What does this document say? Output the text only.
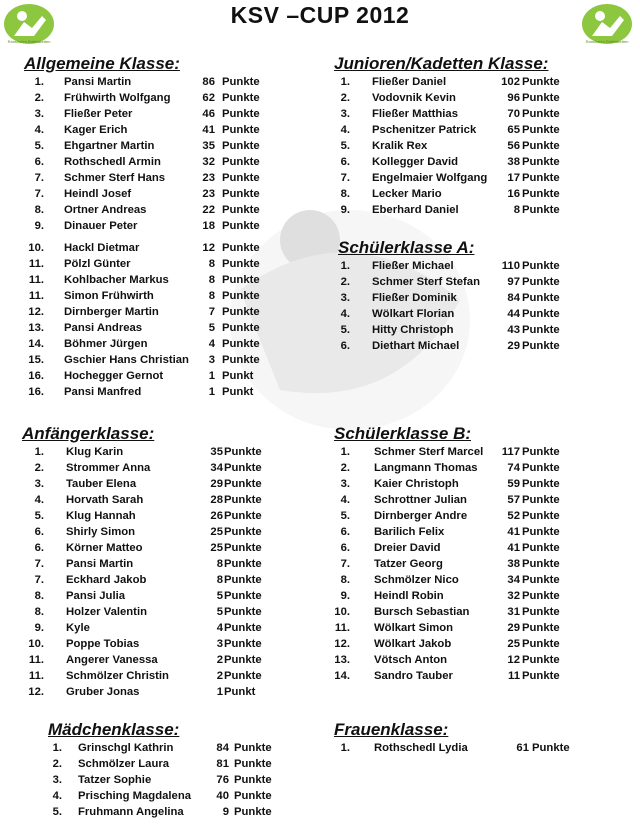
Ranshofen Raffelstetten	Ranshofen Raffelstetten
KSV –CUP 2012
Allgemeine Klasse:
1. Pansi Martin	86 Punkte
2. Frühwirth Wolfgang	62 Punkte
3. Fließer Peter	46 Punkte
4. Kager Erich	41 Punkte
5. Ehgartner Martin	35 Punkte
6. Rothschedl Armin	32 Punkte
7. Schmer Sterf Hans	23 Punkte
7. Heindl Josef	23 Punkte
8. Ortner Andreas	22 Punkte
9. Dinauer Peter	18 Punkte
10. Hackl Dietmar	12 Punkte
11. Pölzl Günter	8 Punkte
11. Kohlbacher Markus	8 Punkte
11. Simon Frühwirth	8 Punkte
12. Dirnberger Martin	7 Punkte
13. Pansi Andreas	5 Punkte
14. Böhmer Jürgen	4 Punkte
15. Gschier Hans Christian 3 Punkte
16. Hochegger Gernot	1 Punkt
16. Pansi Manfred	1 Punkt
Junioren/Kadetten Klasse:
1. Fließer Daniel	102 Punkte
2. Vodovnik Kevin	96 Punkte
3. Fließer Matthias	70 Punkte
4. Pschenitzer Patrick	65 Punkte
5. Kralik Rex	56 Punkte
6. Kollegger David	38 Punkte
7. Engelmaier Wolfgang 17 Punkte
8. Lecker Mario	16 Punkte
9. Eberhard Daniel	8 Punkte
Schülerklasse A:
1. Fließer Michael	110 Punkte
2. Schmer Sterf Stefan 97 Punkte
3. Fließer Dominik	84 Punkte
4. Wölkart Florian	44 Punkte
5. Hitty Christoph	43 Punkte
6. Diethart Michael	29 Punkte
Anfängerklasse:
1. Klug Karin	35 Punkte
2. Strommer Anna	34 Punkte
3. Tauber Elena	29 Punkte
4. Horvath Sarah	28 Punkte
5. Klug Hannah	26 Punkte
6. Shirly Simon	25 Punkte
6. Körner Matteo	25 Punkte
7. Pansi Martin	8 Punkte
7. Eckhard Jakob	8 Punkte
8. Pansi Julia	5 Punkte
8. Holzer Valentin	5 Punkte
9. Kyle	4 Punkte
10. Poppe Tobias	3 Punkte
11. Angerer Vanessa	2 Punkte
11. Schmölzer Christin	2 Punkte
12. Gruber Jonas	1 Punkt
Schülerklasse B:
1. Schmer Sterf Marcel 117 Punkte
2. Langmann Thomas	74 Punkte
3. Kaier Christoph	59 Punkte
4. Schrottner Julian	57 Punkte
5. Dirnberger Andre	52 Punkte
6. Barilich Felix	41 Punkte
6. Dreier David	41 Punkte
7. Tatzer Georg	38 Punkte
8. Schmölzer Nico	34 Punkte
9. Heindl Robin	32 Punkte
10. Bursch Sebastian	31 Punkte
11. Wölkart Simon	29 Punkte
12. Wölkart Jakob	25 Punkte
13. Vötsch Anton	12 Punkte
14. Sandro Tauber	11 Punkte
Mädchenklasse:
1. Grinschgl Kathrin	84 Punkte
2. Schmölzer Laura	81 Punkte
3. Tatzer Sophie	76 Punkte
4. Prisching Magdalena 40 Punkte
5. Fruhmann Angelina	9 Punkte
Frauenklasse:
1. Rothschedl Lydia	61 Punkte
